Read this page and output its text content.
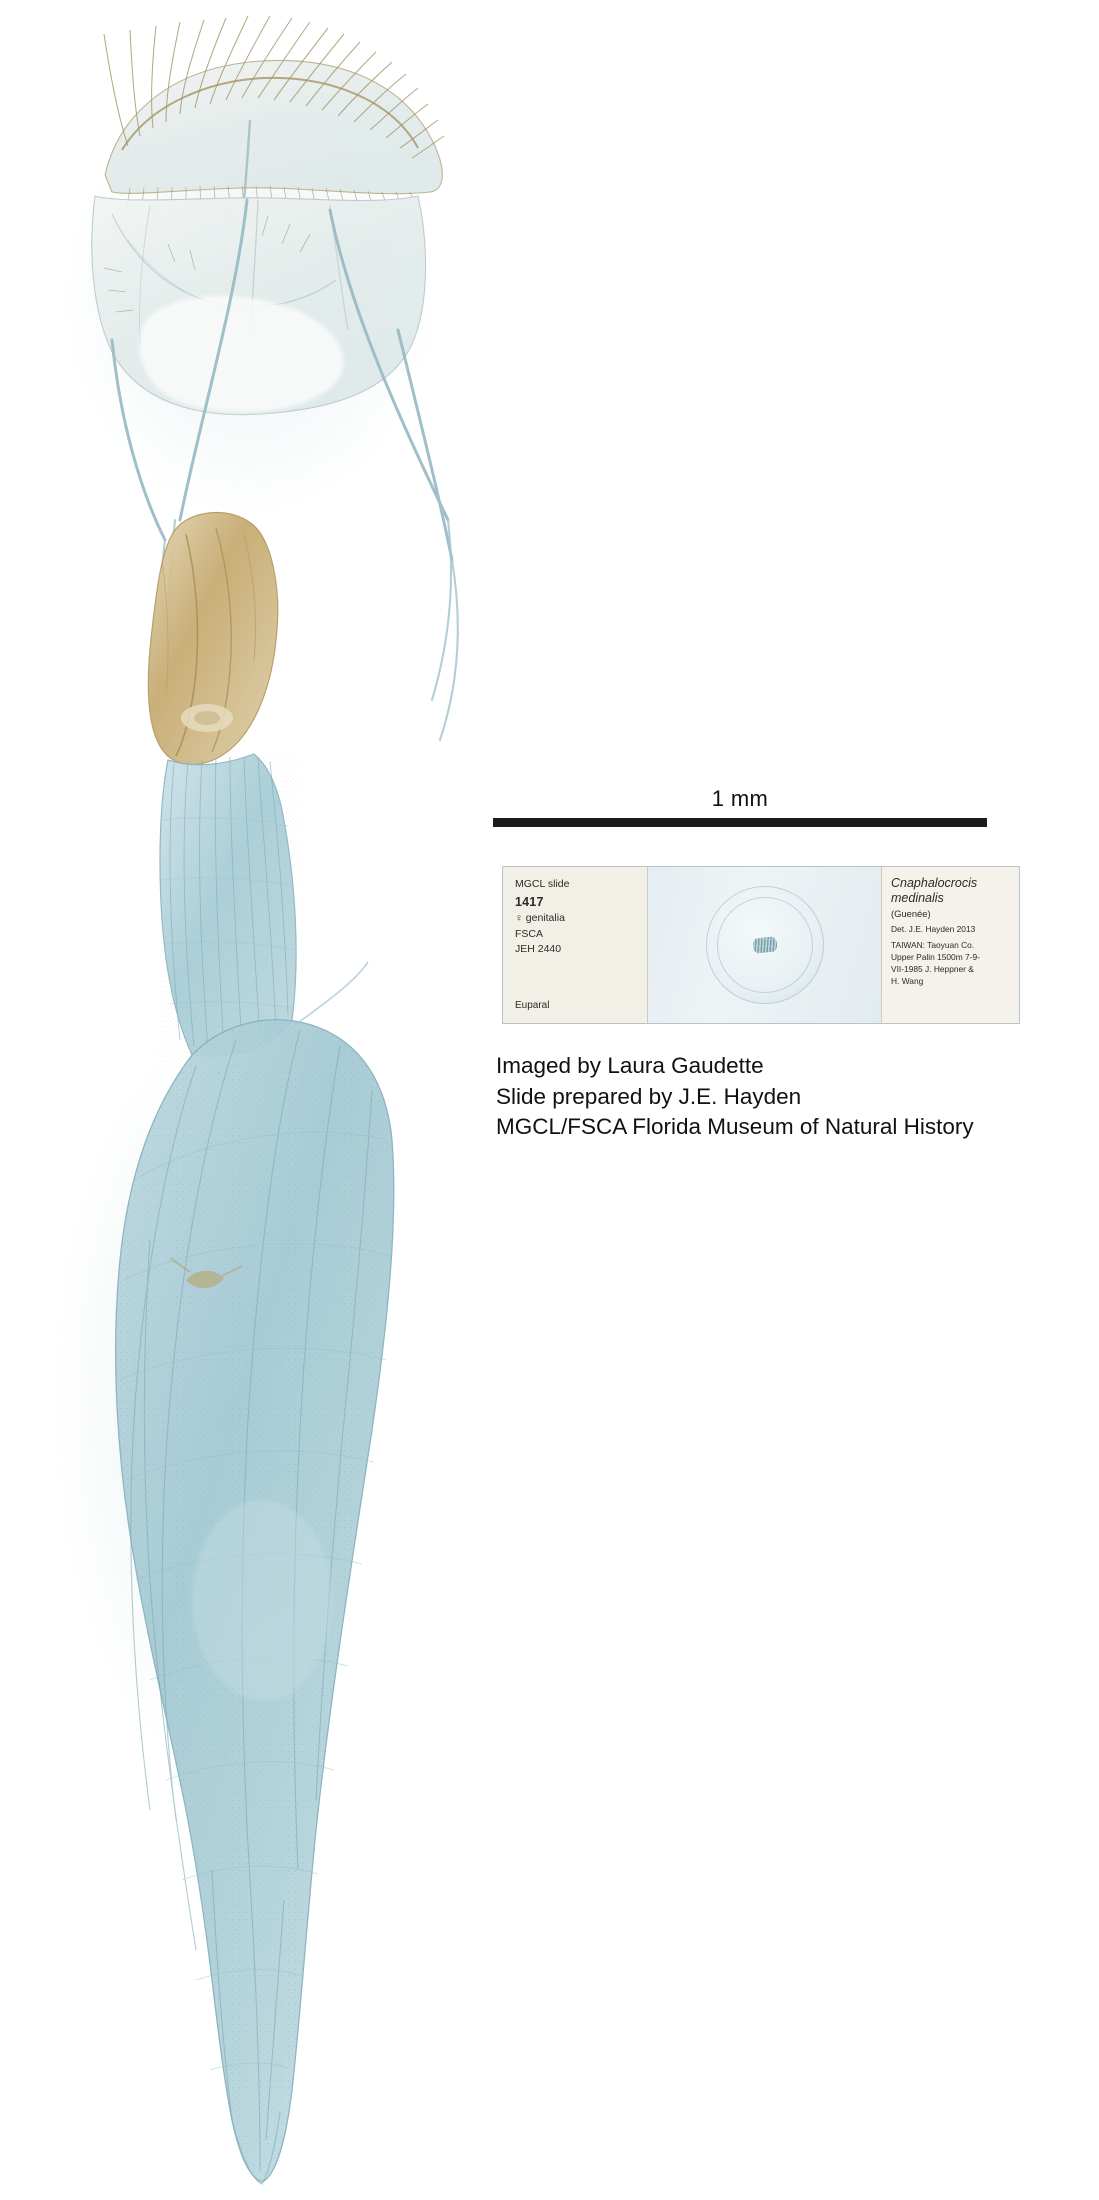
1 mm
MGCL slide
1417
♀ genitalia
FSCA
JEH 2440
Euparal
Cnaphalocrocis medinalis
(Guenée)
Det. J.E. Hayden 2013
TAIWAN: Taoyuan Co.
Upper Palin 1500m 7-9-
VII-1985 J. Heppner &
H. Wang
Imaged by Laura Gaudette
Slide prepared by J.E. Hayden
MGCL/FSCA Florida Museum of Natural History
